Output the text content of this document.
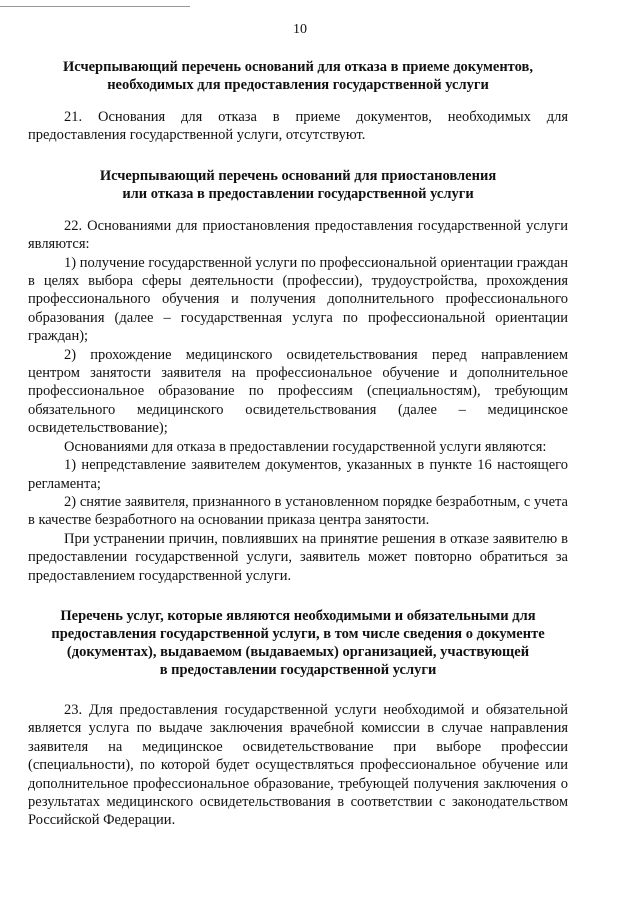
10
Исчерпывающий перечень оснований для отказа в приеме документов,
необходимых для предоставления государственной услуги

21. Основания для отказа в приеме документов, необходимых для предоставления государственной услуги, отсутствуют.

Исчерпывающий перечень оснований для приостановления
или отказа в предоставлении государственной услуги

22. Основаниями для приостановления предоставления государственной услуги являются:

1) получение государственной услуги по профессиональной ориентации граждан в целях выбора сферы деятельности (профессии), трудоустройства, прохождения профессионального обучения и получения дополнительного профессионального образования (далее – государственная услуга по профессиональной ориентации граждан);

2) прохождение медицинского освидетельствования перед направлением центром занятости заявителя на профессиональное обучение и дополнительное профессиональное образование по профессиям (специальностям), требующим обязательного медицинского освидетельствования (далее – медицинское освидетельствование);

Основаниями для отказа в предоставлении государственной услуги являются:

1) непредставление заявителем документов, указанных в пункте 16 настоящего регламента;

2) снятие заявителя, признанного в установленном порядке безработным, с учета в качестве безработного на основании приказа центра занятости.

При устранении причин, повлиявших на принятие решения в отказе заявителю в предоставлении государственной услуги, заявитель может повторно обратиться за предоставлением государственной услуги.

Перечень услуг, которые являются необходимыми и обязательными для
предоставления государственной услуги, в том числе сведения о документе
(документах), выдаваемом (выдаваемых) организацией, участвующей
в предоставлении государственной услуги

23. Для предоставления государственной услуги необходимой и обязательной является услуга по выдаче заключения врачебной комиссии в случае направления заявителя на медицинское освидетельствование при выборе профессии (специальности), по которой будет осуществляться профессиональное обучение или дополнительное профессиональное образование, требующей получения заключения о результатах медицинского освидетельствования в соответствии с законодательством Российской Федерации.
